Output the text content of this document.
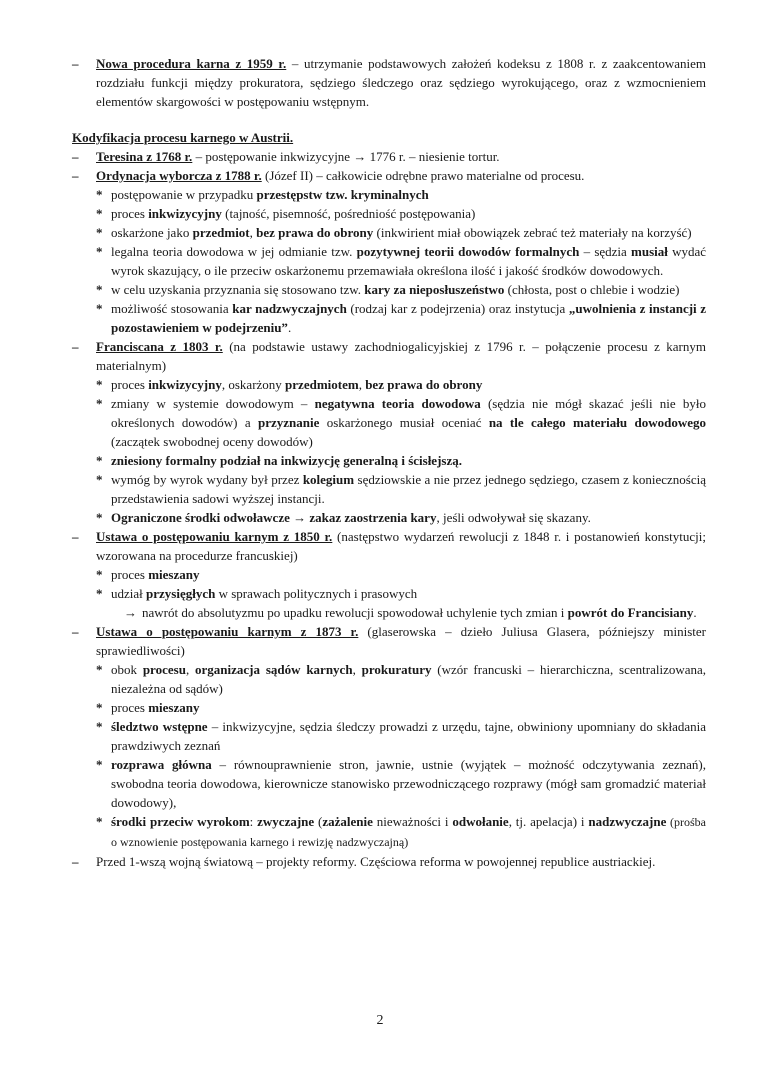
– Nowa procedura karna z 1959 r. – utrzymanie podstawowych założeń kodeksu z 1808 r. z zaakcentowaniem rozdziału funkcji między prokuratora, sędziego śledczego oraz sędziego wyrokującego, oraz z wzmocnieniem elementów skargowości w postępowaniu wstępnym.
Kodyfikacja procesu karnego w Austrii.
– Teresina z 1768 r. – postępowanie inkwizycyjne → 1776 r. – niesienie tortur.
– Ordynacja wyborcza z 1788 r. (Józef II) – całkowicie odrębne prawo materialne od procesu.
* postępowanie w przypadku przestępstw tzw. kryminalnych
* proces inkwizycyjny (tajność, pisemność, pośredniość postępowania)
* oskarżone jako przedmiot, bez prawa do obrony (inkwirient miał obowiązek zebrać też materiały na korzyść)
* legalna teoria dowodowa w jej odmianie tzw. pozytywnej teorii dowodów formalnych – sędzia musiał wydać wyrok skazujący, o ile przeciw oskarżonemu przemawiała określona ilość i jakość środków dowodowych.
* w celu uzyskania przyznania się stosowano tzw. kary za nieposłuszeństwo (chłosta, post o chlebie i wodzie)
* możliwość stosowania kar nadzwyczajnych (rodzaj kar z podejrzenia) oraz instytucja „uwolnienia z instancji z pozostawieniem w podejrzeniu”.
– Franciscana z 1803 r. (na podstawie ustawy zachodniogalicyjskiej z 1796 r. – połączenie procesu z karnym materialnym)
* proces inkwizycyjny, oskarżony przedmiotem, bez prawa do obrony
* zmiany w systemie dowodowym – negatywna teoria dowodowa (sędzia nie mógł skazać jeśli nie było określonych dowodów) a przyznanie oskarżonego musiał oceniać na tle całego materiału dowodowego (zaczątek swobodnej oceny dowodów)
* zniesiony formalny podział na inkwizycję generalną i ścisłejszą.
* wymóg by wyrok wydany był przez kolegium sędziowskie a nie przez jednego sędziego, czasem z koniecznością przedstawienia sadowi wyższej instancji.
* Ograniczone środki odwoławcze → zakaz zaostrzenia kary, jeśli odwoływał się skazany.
– Ustawa o postępowaniu karnym z 1850 r. (następstwo wydarzeń rewolucji z 1848 r. i postanowień konstytucji; wzorowana na procedurze francuskiej)
* proces mieszany
* udział przysięgłych w sprawach politycznych i prasowych
→ nawrót do absolutyzmu po upadku rewolucji spowodował uchylenie tych zmian i powrót do Francisiany.
– Ustawa o postępowaniu karnym z 1873 r. (glaserowska – dzieło Juliusa Glasera, późniejszy minister sprawiedliwości)
* obok procesu, organizacja sądów karnych, prokuratury (wzór francuski – hierarchiczna, scentralizowana, niezależna od sądów)
* proces mieszany
* śledztwo wstępne – inkwizycyjne, sędzia śledczy prowadzi z urzędu, tajne, obwiniony upomniany do składania prawdziwych zeznań
* rozprawa główna – równouprawnienie stron, jawnie, ustnie (wyjątek – możność odczytywania zeznań), swobodna teoria dowodowa, kierownicze stanowisko przewodniczącego rozprawy (mógł sam gromadzić materiał dowodowy),
* środki przeciw wyrokom: zwyczajne (zażalenie nieważności i odwołanie, tj. apelacja) i nadzwyczajne (prośba o wznowienie postępowania karnego i rewizję nadzwyczajną)
– Przed 1-wszą wojną światową – projekty reformy. Częściowa reforma w powojennej republice austriackiej.
2
